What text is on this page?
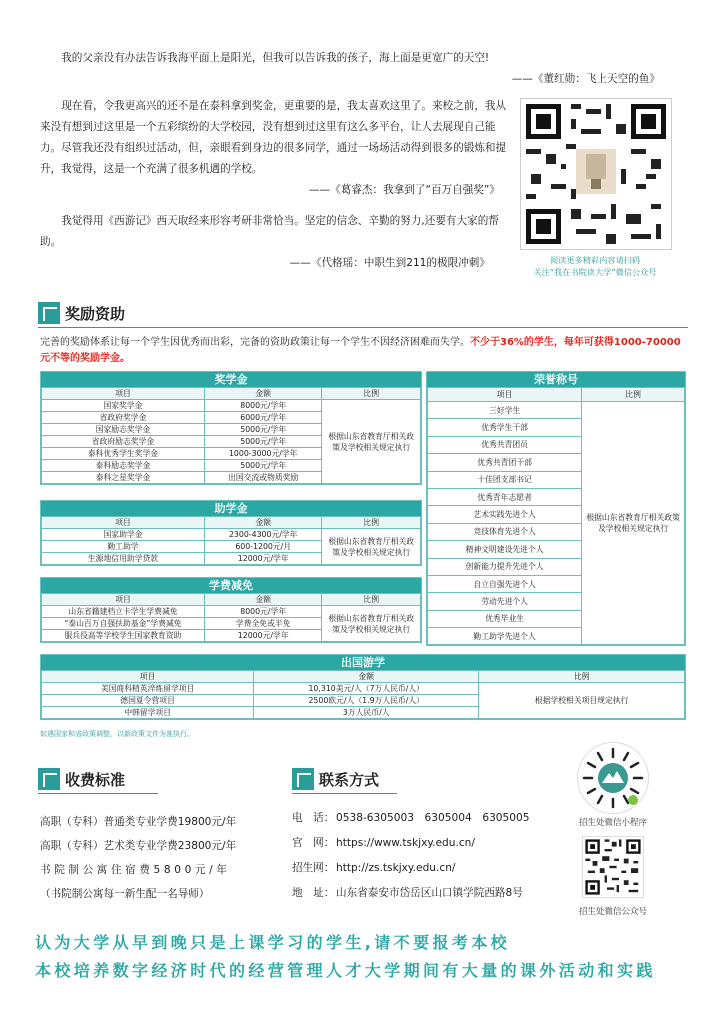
我的父亲没有办法告诉我海平面上是阳光，但我可以告诉我的孩子，海上面是更宽广的天空!

——《董红勋：飞上天空的鱼》

现在看，令我更高兴的还不是在泰科拿到奖金，更重要的是，我太喜欢这里了。来校之前，我从来没有想到过这里是一个五彩缤纷的大学校园，没有想到过这里有这么多平台，让人去展现自己能力。尽管我还没有组织过活动，但，亲眼看到身边的很多同学，通过一场场活动得到很多的锻炼和提升，我觉得，这是一个充满了很多机遇的学校。

——《葛睿杰：我拿到了“百万自强奖”》

我觉得用《西游记》西天取经来形容考研非常恰当。坚定的信念、辛勤的努力,还要有大家的帮助。

——《代格瑶：中职生到211的极限冲刺》	阅读更多精彩内容请扫码
关注“我在书院读大学”微信公众号
奖励资助
完善的奖励体系让每一个学生因优秀而出彩，完备的资助政策让每一个学生不因经济困难而失学。不少于36%的学生，每年可获得1000-70000元不等的奖励学金。
奖学金
项目	金额	比例
国家奖学金	8000元/学年	根据山东省教育厅相关政策及学校相关规定执行
省政府奖学金	6000元/学年	
国家励志奖学金	5000元/学年	
省政府励志奖学金	5000元/学年	
泰科优秀学生奖学金	1000-3000元/学年	
泰科励志奖学金	5000元/学年	
泰科之星奖学金	出国交流或物质奖励	
助学金
项目	金额	比例
国家助学金	2300-4300元/学年	根据山东省教育厅相关政策及学校相关规定执行
勤工助学	600-1200元/月	
生源地信用助学贷款	12000元/学年	
学费减免
项目	金额	比例
山东省籍建档立卡学生学费减免	8000元/学年	根据山东省教育厅相关政策及学校相关规定执行
“泰山百万自强扶助基金”学费减免	学费全免或半免	
服兵役高等学校学生国家教育资助	12000元/学年	
荣誉称号
项目	比例
三好学生	根据山东省教育厅相关政策及学校相关规定执行
优秀学生干部	
优秀共青团员	
优秀共青团干部	
十佳团支部书记	
优秀青年志愿者	
艺术实践先进个人	
竞技体育先进个人	
精神文明建设先进个人	
创新能力提升先进个人	
自立自强先进个人	
劳动先进个人	
优秀毕业生	
勤工助学先进个人	
出国游学
项目	金额	比例
美国商科精英淬炼留学项目	10,310美元/人（7万人民币/人）	根据学校相关项目规定执行
德国夏令营项目	2500欧元/人（1.9万人民币/人）	
中韩留学项目	3万人民币/人	
如遇国家和省政策调整，以新政策文件为准执行。
收费标准
高职（专科）普通类专业学费19800元/年
高职（专科）艺术类专业学费23800元/年
书院制公寓住宿费5800元/年
（书院制公寓每一新生配一名导师）
联系方式
电　话： 0538-6305003　6305004　6305005
官　网： https://www.tskjxy.edu.cn/
招生网： http://zs.tskjxy.edu.cn/
地　址： 山东省泰安市岱岳区山口镇学院西路8号
招生处微信小程序
招生处微信公众号
认为大学从早到晚只是上课学习的学生,请不要报考本校
本校培养数字经济时代的经营管理人才大学期间有大量的课外活动和实践
